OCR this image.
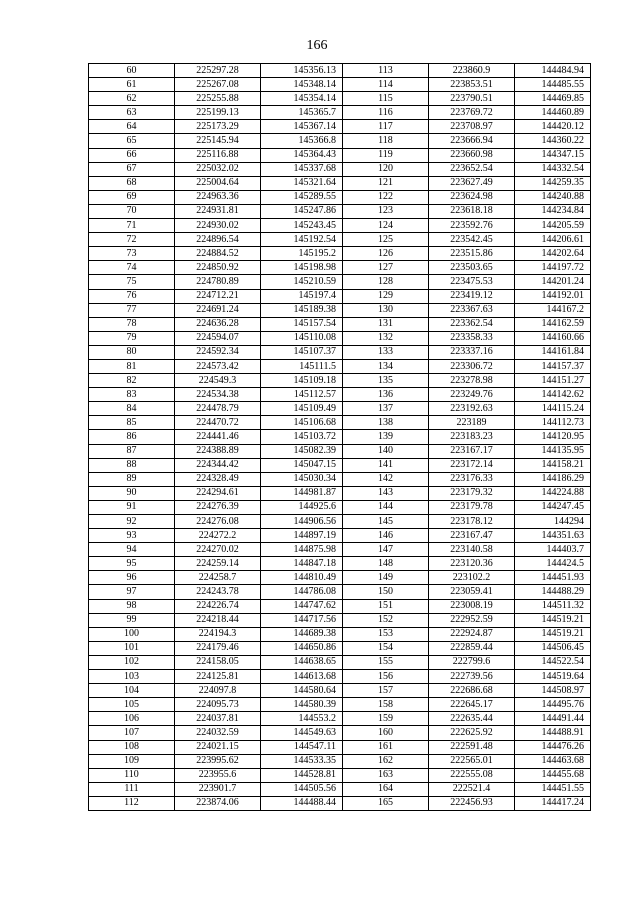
166
60	225297.28	145356.13	113	223860.9	144484.94
61	225267.08	145348.14	114	223853.51	144485.55
62	225255.88	145354.14	115	223790.51	144469.85
63	225199.13	145365.7	116	223769.72	144460.89
64	225173.29	145367.14	117	223708.97	144420.12
65	225145.94	145366.8	118	223666.94	144360.22
66	225116.88	145364.43	119	223660.98	144347.15
67	225032.02	145337.68	120	223652.54	144332.54
68	225004.64	145321.64	121	223627.49	144259.35
69	224963.36	145289.55	122	223624.98	144240.88
70	224931.81	145247.86	123	223618.18	144234.84
71	224930.02	145243.45	124	223592.76	144205.59
72	224896.54	145192.54	125	223542.45	144206.61
73	224884.52	145195.2	126	223515.86	144202.64
74	224850.92	145198.98	127	223503.65	144197.72
75	224780.89	145210.59	128	223475.53	144201.24
76	224712.21	145197.4	129	223419.12	144192.01
77	224691.24	145189.38	130	223367.63	144167.2
78	224636.28	145157.54	131	223362.54	144162.59
79	224594.07	145110.08	132	223358.33	144160.66
80	224592.34	145107.37	133	223337.16	144161.84
81	224573.42	145111.5	134	223306.72	144157.37
82	224549.3	145109.18	135	223278.98	144151.27
83	224534.38	145112.57	136	223249.76	144142.62
84	224478.79	145109.49	137	223192.63	144115.24
85	224470.72	145106.68	138	223189	144112.73
86	224441.46	145103.72	139	223183.23	144120.95
87	224388.89	145082.39	140	223167.17	144135.95
88	224344.42	145047.15	141	223172.14	144158.21
89	224328.49	145030.34	142	223176.33	144186.29
90	224294.61	144981.87	143	223179.32	144224.88
91	224276.39	144925.6	144	223179.78	144247.45
92	224276.08	144906.56	145	223178.12	144294
93	224272.2	144897.19	146	223167.47	144351.63
94	224270.02	144875.98	147	223140.58	144403.7
95	224259.14	144847.18	148	223120.36	144424.5
96	224258.7	144810.49	149	223102.2	144451.93
97	224243.78	144786.08	150	223059.41	144488.29
98	224226.74	144747.62	151	223008.19	144511.32
99	224218.44	144717.56	152	222952.59	144519.21
100	224194.3	144689.38	153	222924.87	144519.21
101	224179.46	144650.86	154	222859.44	144506.45
102	224158.05	144638.65	155	222799.6	144522.54
103	224125.81	144613.68	156	222739.56	144519.64
104	224097.8	144580.64	157	222686.68	144508.97
105	224095.73	144580.39	158	222645.17	144495.76
106	224037.81	144553.2	159	222635.44	144491.44
107	224032.59	144549.63	160	222625.92	144488.91
108	224021.15	144547.11	161	222591.48	144476.26
109	223995.62	144533.35	162	222565.01	144463.68
110	223955.6	144528.81	163	222555.08	144455.68
111	223901.7	144505.56	164	222521.4	144451.55
112	223874.06	144488.44	165	222456.93	144417.24
